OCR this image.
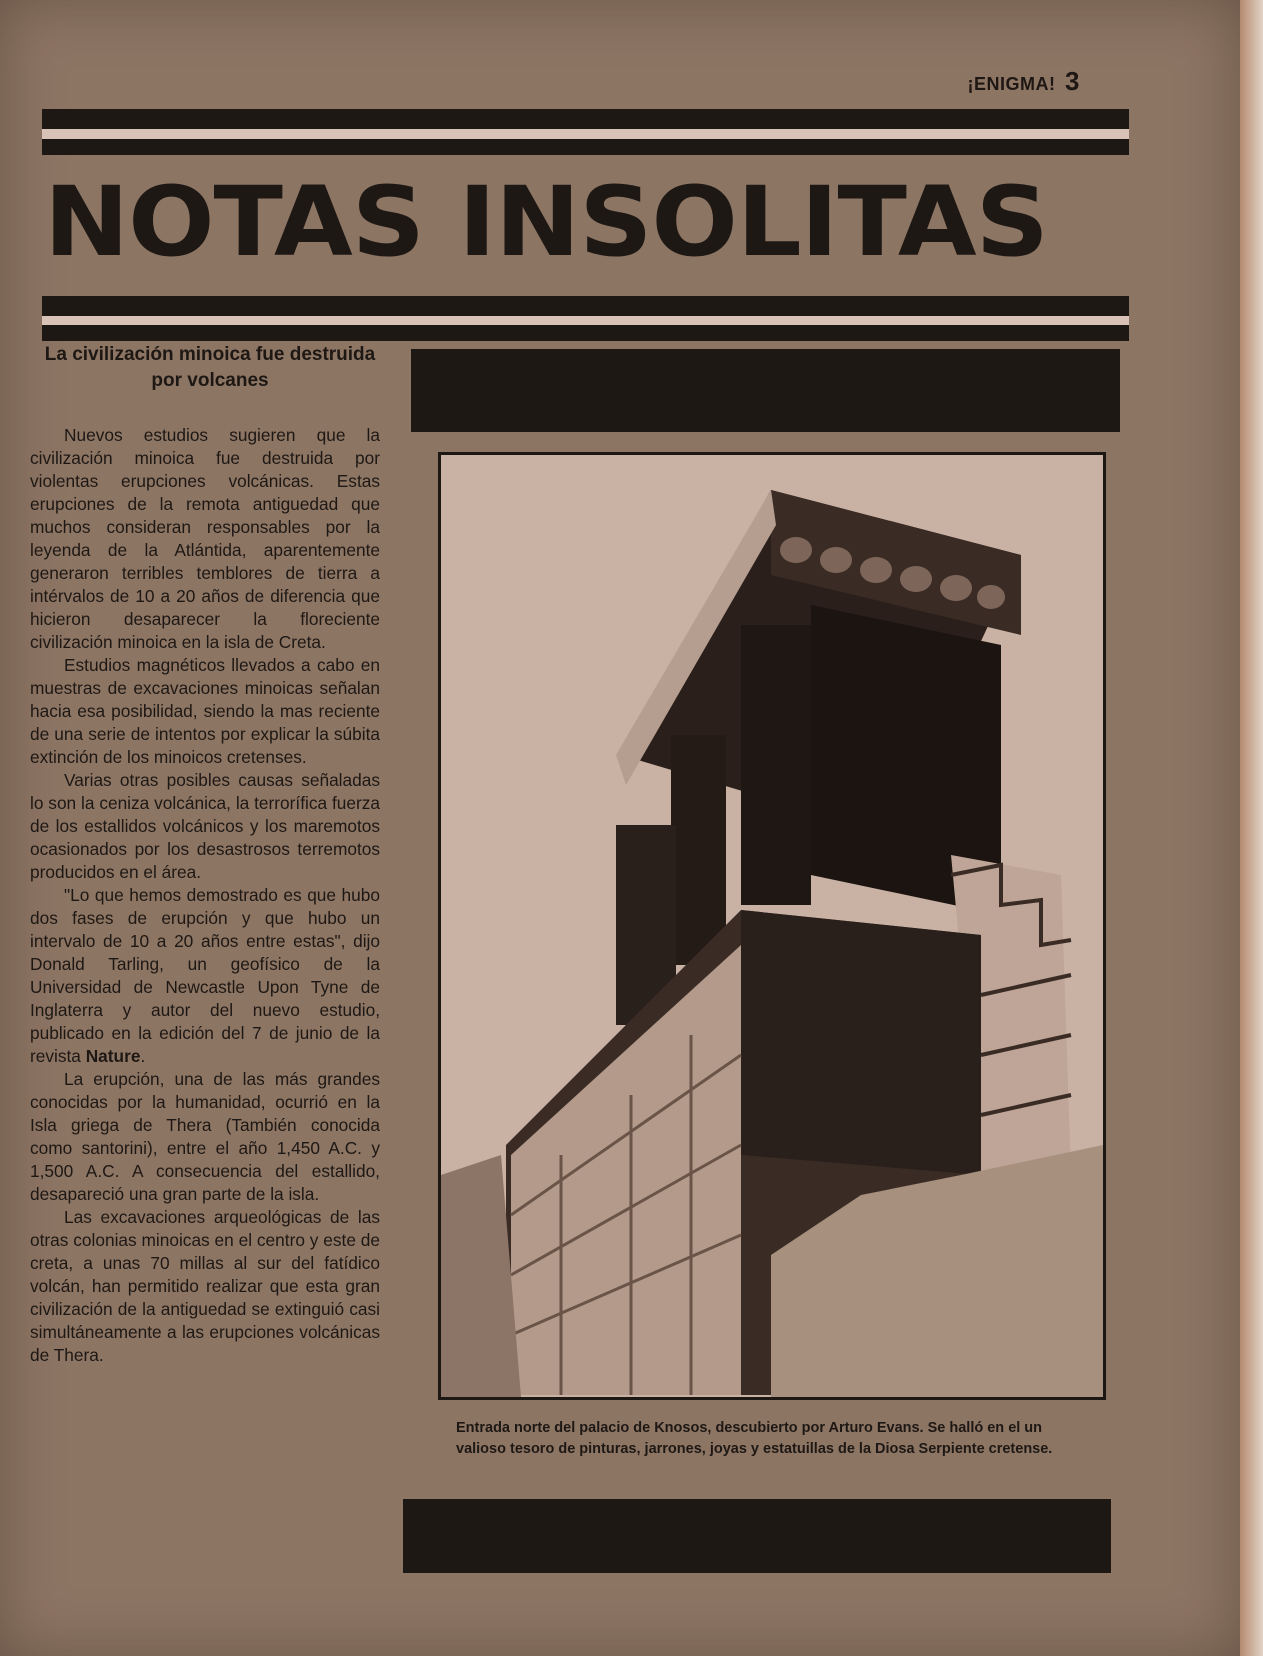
¡ENIGMA! 3
NOTAS INSOLITAS
La civilización minoica fue destruida por volcanes

Nuevos estudios sugieren que la civilización minoica fue destruida por violentas erupciones volcánicas. Estas erupciones de la remota antiguedad que muchos consideran responsables por la leyenda de la Atlántida, aparentemente generaron terribles temblores de tierra a intérvalos de 10 a 20 años de diferencia que hicieron desaparecer la floreciente civilización minoica en la isla de Creta.

Estudios magnéticos llevados a cabo en muestras de excavaciones minoicas señalan hacia esa posibilidad, siendo la mas reciente de una serie de intentos por explicar la súbita extinción de los minoicos cretenses.

Varias otras posibles causas señaladas lo son la ceniza volcánica, la terrorífica fuerza de los estallidos volcánicos y los maremotos ocasionados por los desastrosos terremotos producidos en el área.

"Lo que hemos demostrado es que hubo dos fases de erupción y que hubo un intervalo de 10 a 20 años entre estas", dijo Donald Tarling, un geofísico de la Universidad de Newcastle Upon Tyne de Inglaterra y autor del nuevo estudio, publicado en la edición del 7 de junio de la revista Nature.

La erupción, una de las más grandes conocidas por la humanidad, ocurrió en la Isla griega de Thera (También conocida como santorini), entre el año 1,450 A.C. y 1,500 A.C. A consecuencia del estallido, desapareció una gran parte de la isla.

Las excavaciones arqueológicas de las otras colonias minoicas en el centro y este de creta, a unas 70 millas al sur del fatídico volcán, han permitido realizar que esta gran civilización de la antiguedad se extinguió casi simultáneamente a las erupciones volcánicas de Thera.

Entrada norte del palacio de Knosos, descubierto por Arturo Evans. Se halló en el un valioso tesoro de pinturas, jarrones, joyas y estatuillas de la Diosa Serpiente cretense.
